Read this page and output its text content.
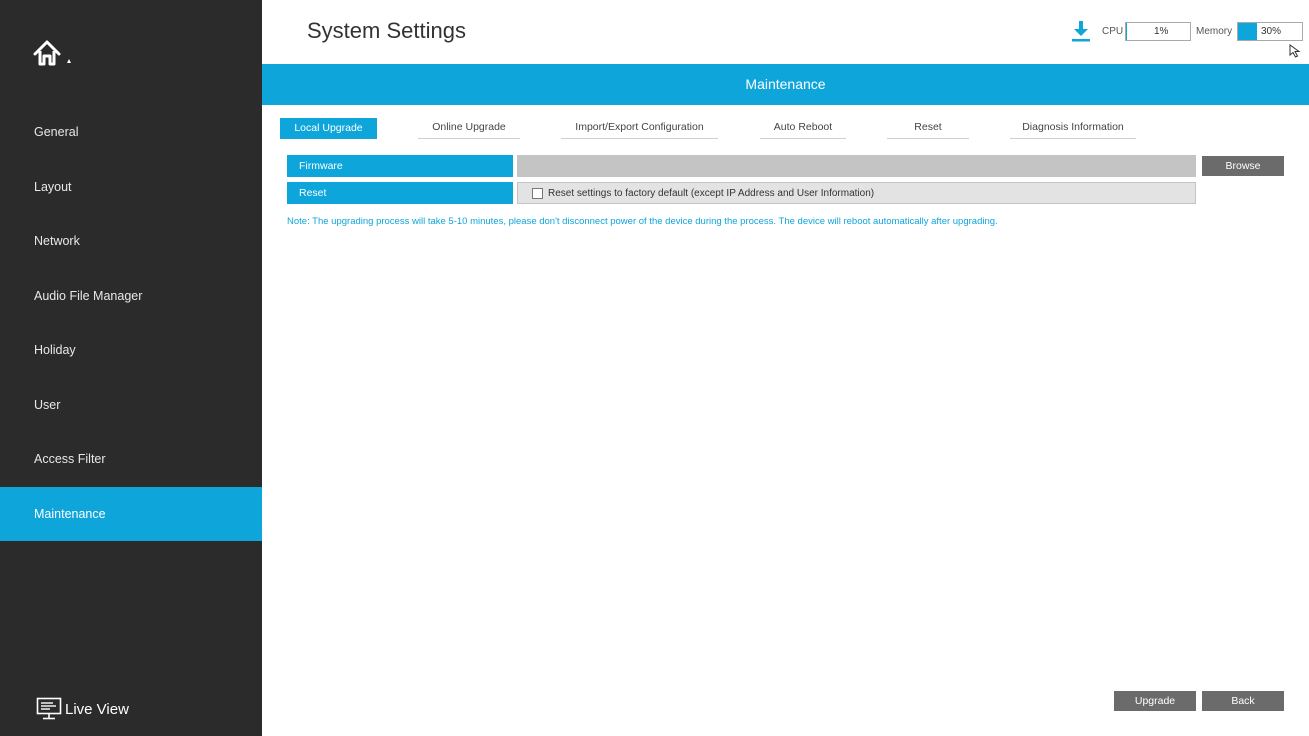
General
Layout
Network
Audio File Manager
Holiday
User
Access Filter
Maintenance
Live View
System Settings	CPU	1%	Memory	30%
Maintenance
Local Upgrade	Online Upgrade	Import/Export Configuration	Auto Reboot	Reset	Diagnosis Information
Firmware	Browse
Reset	Reset settings to factory default (except IP Address and User Information)
Note: The upgrading process will take 5-10 minutes, please don't disconnect power of the device during the process. The device will reboot automatically after upgrading.
Upgrade	Back
